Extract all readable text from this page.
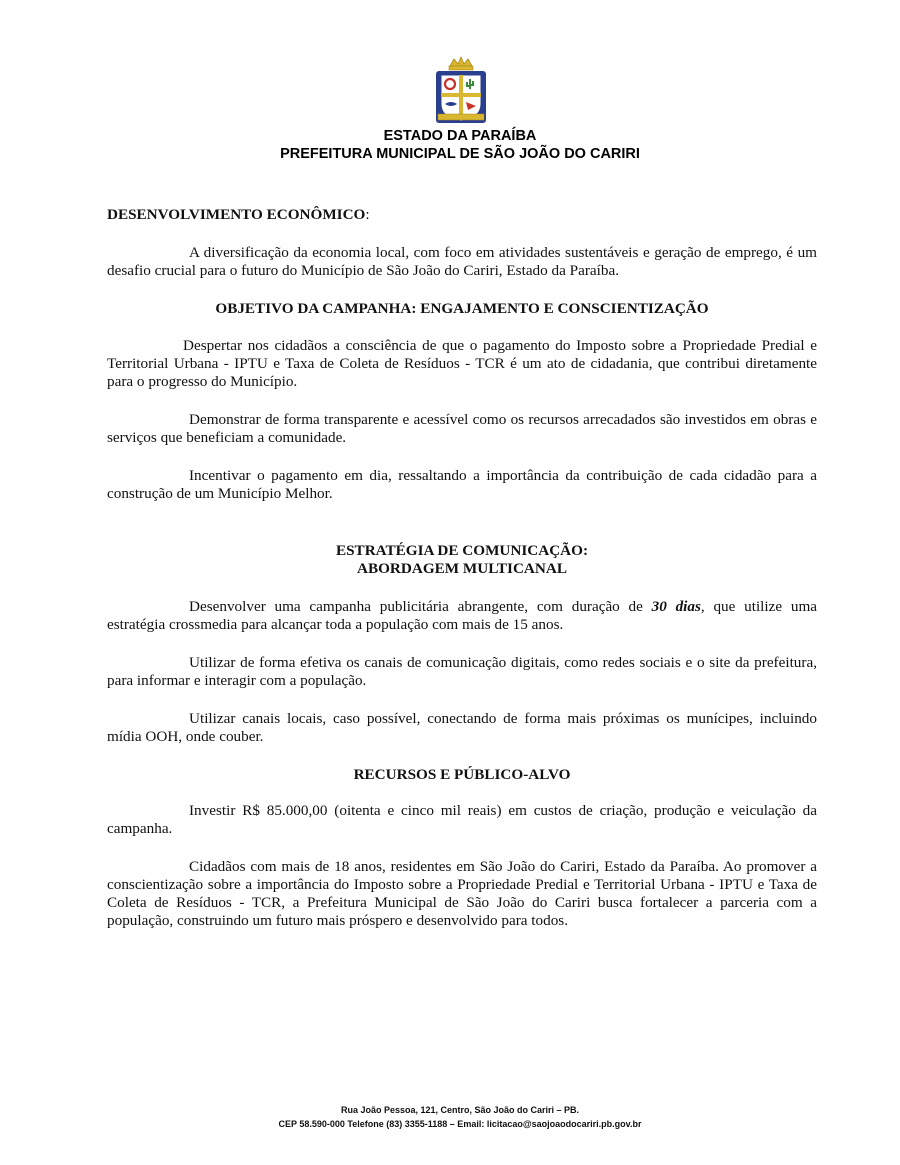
ESTADO DA PARAÍBA
PREFEITURA MUNICIPAL DE SÃO JOÃO DO CARIRI
DESENVOLVIMENTO ECONÔMICO:
A diversificação da economia local, com foco em atividades sustentáveis e geração de emprego, é um desafio crucial para o futuro do Município de São João do Cariri, Estado da Paraíba.
OBJETIVO DA CAMPANHA: ENGAJAMENTO E CONSCIENTIZAÇÃO
Despertar nos cidadãos a consciência de que o pagamento do Imposto sobre a Propriedade Predial e Territorial Urbana - IPTU e Taxa de Coleta de Resíduos - TCR é um ato de cidadania, que contribui diretamente para o progresso do Município.
Demonstrar de forma transparente e acessível como os recursos arrecadados são investidos em obras e serviços que beneficiam a comunidade.
Incentivar o pagamento em dia, ressaltando a importância da contribuição de cada cidadão para a construção de um Município Melhor.
ESTRATÉGIA DE COMUNICAÇÃO:
ABORDAGEM MULTICANAL
Desenvolver uma campanha publicitária abrangente, com duração de 30 dias, que utilize uma estratégia crossmedia para alcançar toda a população com mais de 15 anos.
Utilizar de forma efetiva os canais de comunicação digitais, como redes sociais e o site da prefeitura, para informar e interagir com a população.
Utilizar canais locais, caso possível, conectando de forma mais próximas os munícipes, incluindo mídia OOH, onde couber.
RECURSOS E PÚBLICO-ALVO
Investir R$ 85.000,00 (oitenta e cinco mil reais) em custos de criação, produção e veiculação da campanha.
Cidadãos com mais de 18 anos, residentes em São João do Cariri, Estado da Paraíba. Ao promover a conscientização sobre a importância do Imposto sobre a Propriedade Predial e Territorial Urbana - IPTU e Taxa de Coleta de Resíduos - TCR, a Prefeitura Municipal de São João do Cariri busca fortalecer a parceria com a população, construindo um futuro mais próspero e desenvolvido para todos.
Rua João Pessoa, 121, Centro, São João do Cariri – PB.
CEP 58.590-000 Telefone (83) 3355-1188 – Email: licitacao@saojoaodocariri.pb.gov.br
